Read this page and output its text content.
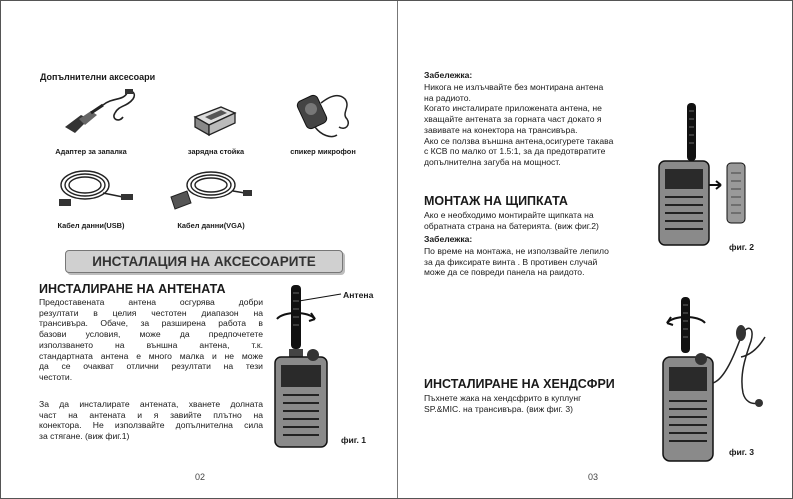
Допълнителни аксесоари
Адаптер за запалка	зарядна стойка	спикер микрофон
Кабел данни(USB)	Кабел данни(VGA)
ИНСТАЛАЦИЯ НА АКСЕСОАРИТЕ
ИНСТАЛИРАНЕ НА АНТЕНАТА
Предоставената антена осгурява добри
резултати в целия честотен диапазон на
трансивъра. Обаче, за разширена работа в
базови условия, може да предпочетете
използването на външна антена, т.к.
стандартната антена е много малка и не може
да се очакват отлични резултати на тези
честоти.
За да инсталирате антената, хванете долната
част на антената и я завийте плътно на
конектора. Не използвайте допълнителна сила
за стягане. (виж фиг.1)
Антена
фиг. 1
02
Забележка:
Никога не излъчвайте без монтирана антена
на радиото.
Когато инсталирате приложената антена, не
хващайте антената за горната част докато я
завивате на конектора на трансивъра.
Ако се ползва външна антена,осигурете такава
с КСВ по малко от 1.5:1, за да предотвратите
допълнителна загуба на мощност.
МОНТАЖ НА ЩИПКАТА
Ако е необходимо монтирайте щипката на
обратната страна на батерията. (виж фиг.2)
Забележка:
По време на монтажа, не използвайте лепило
за да фиксирате винта . В противен случай
може да се повреди панела на раидото.
фиг. 2
ИНСТАЛИРАНЕ НА ХЕНДСФРИ
Пъхнете жака на хендсфрито в куплунг
SP.&MIC. на трансивъра. (виж фиг. 3)
фиг. 3
03
